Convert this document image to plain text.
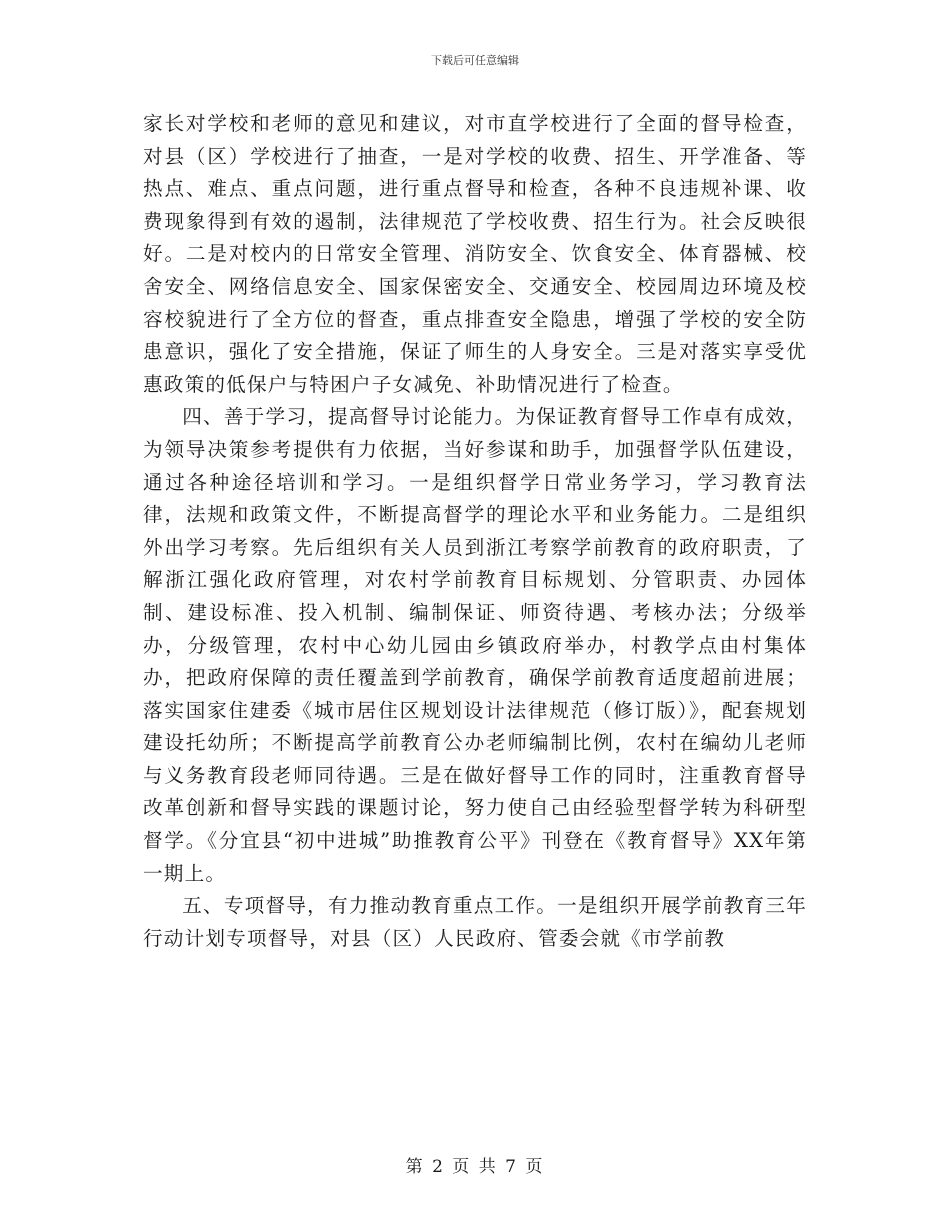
下载后可任意编辑

家长对学校和老师的意见和建议，对市直学校进行了全面的督导检查，对县（区）学校进行了抽查，一是对学校的收费、招生、开学准备、等热点、难点、重点问题，进行重点督导和检查，各种不良违规补课、收费现象得到有效的遏制，法律规范了学校收费、招生行为。社会反映很好。二是对校内的日常安全管理、消防安全、饮食安全、体育器械、校舍安全、网络信息安全、国家保密安全、交通安全、校园周边环境及校容校貌进行了全方位的督查，重点排查安全隐患，增强了学校的安全防患意识，强化了安全措施，保证了师生的人身安全。三是对落实享受优惠政策的低保户与特困户子女减免、补助情况进行了检查。

四、善于学习，提高督导讨论能力。为保证教育督导工作卓有成效，为领导决策参考提供有力依据，当好参谋和助手，加强督学队伍建设，通过各种途径培训和学习。一是组织督学日常业务学习，学习教育法律，法规和政策文件，不断提高督学的理论水平和业务能力。二是组织外出学习考察。先后组织有关人员到浙江考察学前教育的政府职责，了解浙江强化政府管理，对农村学前教育目标规划、分管职责、办园体制、建设标准、投入机制、编制保证、师资待遇、考核办法；分级举办，分级管理，农村中心幼儿园由乡镇政府举办，村教学点由村集体办，把政府保障的责任覆盖到学前教育，确保学前教育适度超前进展；落实国家住建委《城市居住区规划设计法律规范（修订版）》，配套规划建设托幼所；不断提高学前教育公办老师编制比例，农村在编幼儿老师与义务教育段老师同待遇。三是在做好督导工作的同时，注重教育督导改革创新和督导实践的课题讨论，努力使自己由经验型督学转为科研型督学。《分宜县“初中进城”助推教育公平》刊登在《教育督导》XX年第一期上。

五、专项督导，有力推动教育重点工作。一是组织开展学前教育三年行动计划专项督导，对县（区）人民政府、管委会就《市学前教

第 2 页 共 7 页
